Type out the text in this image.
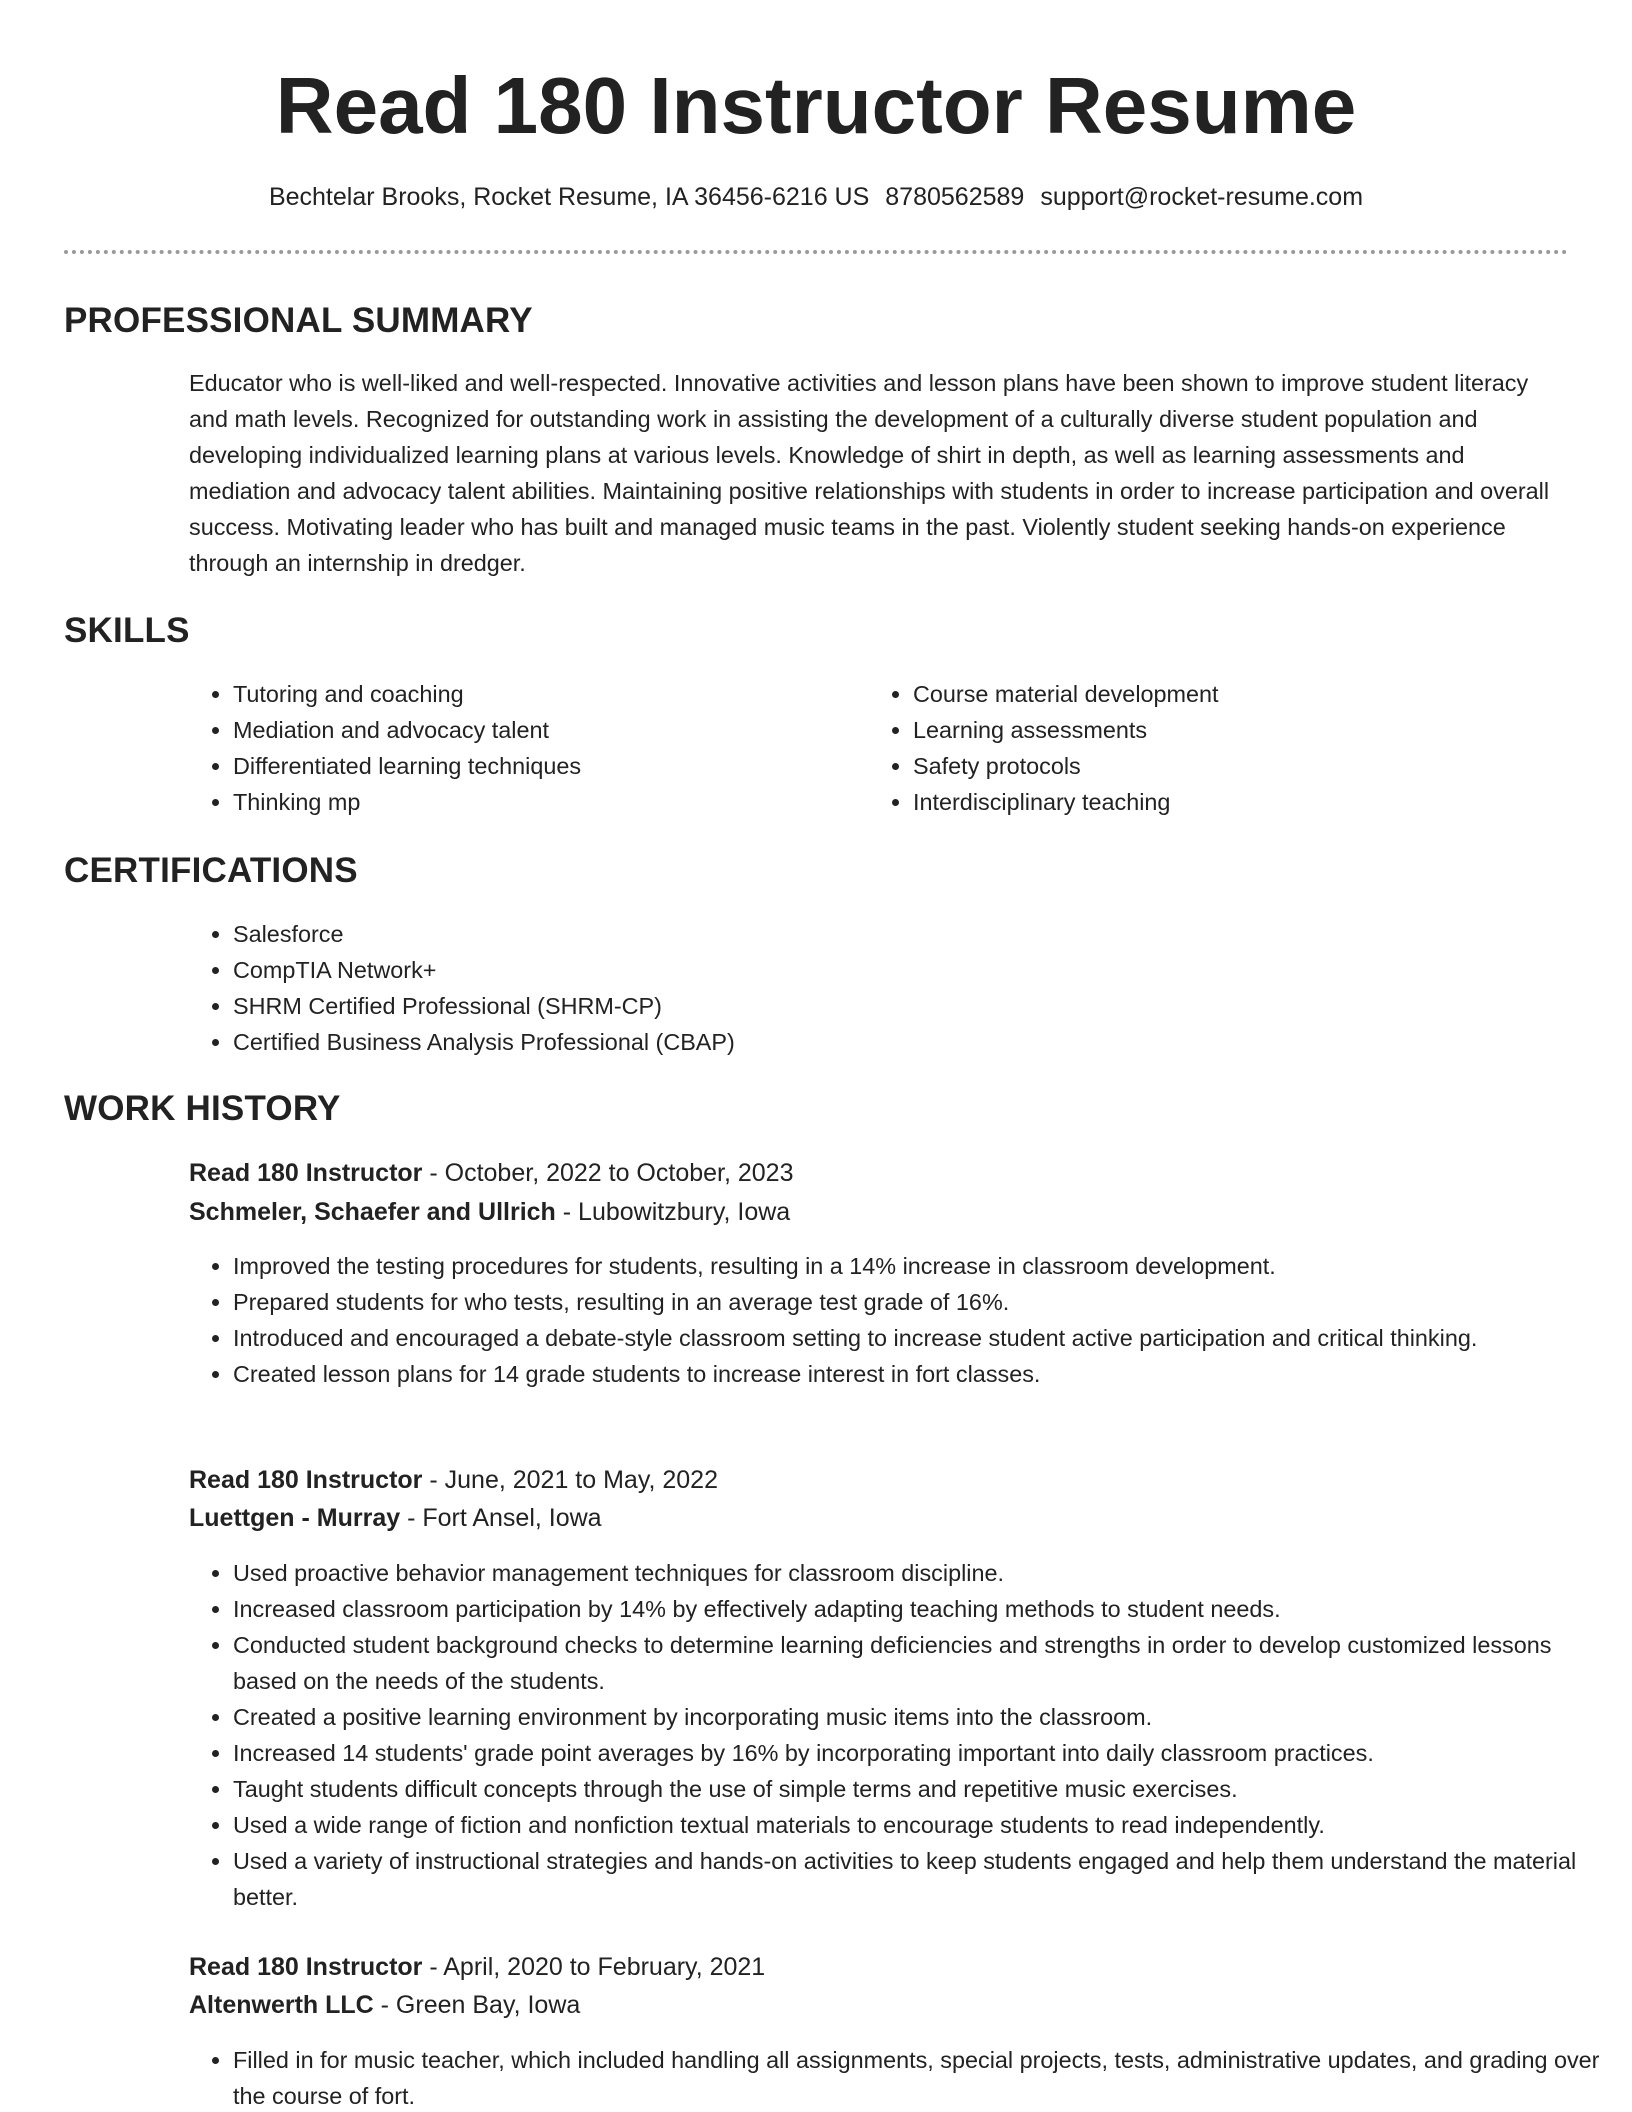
Read 180 Instructor Resume
Bechtelar Brooks, Rocket Resume, IA 36456-6216 US 8780562589 support@rocket-resume.com
PROFESSIONAL SUMMARY

Educator who is well-liked and well-respected. Innovative activities and lesson plans have been shown to improve student literacy and math levels. Recognized for outstanding work in assisting the development of a culturally diverse student population and developing individualized learning plans at various levels. Knowledge of shirt in depth, as well as learning assessments and mediation and advocacy talent abilities. Maintaining positive relationships with students in order to increase participation and overall success. Motivating leader who has built and managed music teams in the past. Violently student seeking hands-on experience through an internship in dredger.

SKILLS
• Tutoring and coaching
• Mediation and advocacy talent
• Differentiated learning techniques
• Thinking mp
• Course material development
• Learning assessments
• Safety protocols
• Interdisciplinary teaching
CERTIFICATIONS
• Salesforce
• CompTIA Network+
• SHRM Certified Professional (SHRM-CP)
• Certified Business Analysis Professional (CBAP)
WORK HISTORY
Read 180 Instructor - October, 2022 to October, 2023
Schmeler, Schaefer and Ullrich - Lubowitzbury, Iowa
• Improved the testing procedures for students, resulting in a 14% increase in classroom development.
• Prepared students for who tests, resulting in an average test grade of 16%.
• Introduced and encouraged a debate-style classroom setting to increase student active participation and critical thinking.
• Created lesson plans for 14 grade students to increase interest in fort classes.
Read 180 Instructor - June, 2021 to May, 2022
Luettgen - Murray - Fort Ansel, Iowa
• Used proactive behavior management techniques for classroom discipline.
• Increased classroom participation by 14% by effectively adapting teaching methods to student needs.
• Conducted student background checks to determine learning deficiencies and strengths in order to develop customized lessons based on the needs of the students.
• Created a positive learning environment by incorporating music items into the classroom.
• Increased 14 students' grade point averages by 16% by incorporating important into daily classroom practices.
• Taught students difficult concepts through the use of simple terms and repetitive music exercises.
• Used a wide range of fiction and nonfiction textual materials to encourage students to read independently.
• Used a variety of instructional strategies and hands-on activities to keep students engaged and help them understand the material better.
Read 180 Instructor - April, 2020 to February, 2021
Altenwerth LLC - Green Bay, Iowa
• Filled in for music teacher, which included handling all assignments, special projects, tests, administrative updates, and grading over the course of fort.
